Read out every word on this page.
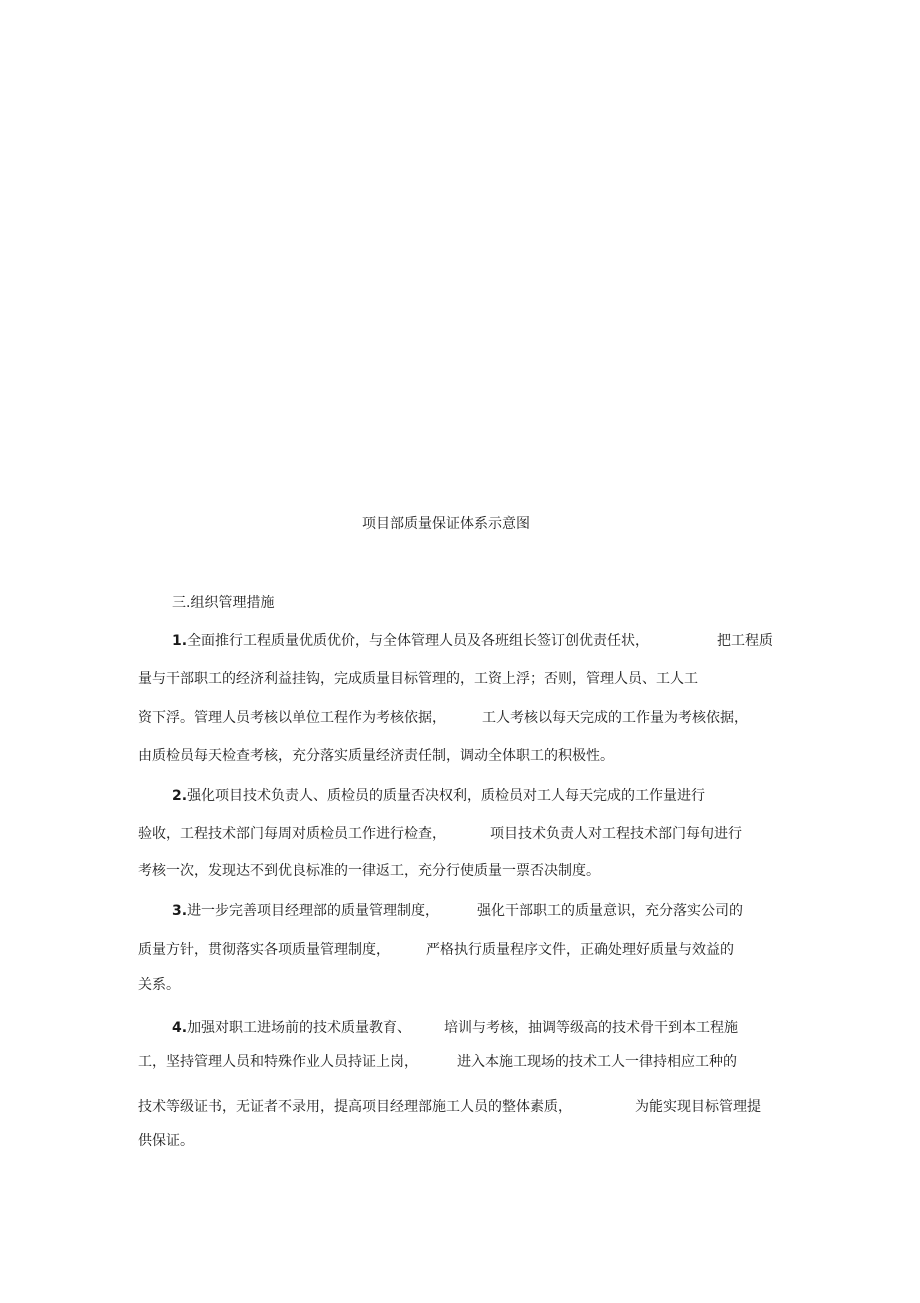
项目部质量保证体系示意图

三.组织管理措施

1.全面推行工程质量优质优价，与全体管理人员及各班组长签订创优责任状，	把工程质

量与干部职工的经济利益挂钩，完成质量目标管理的，工资上浮；否则，管理人员、工人工

资下浮。管理人员考核以单位工程作为考核依据，	工人考核以每天完成的工作量为考核依据，

由质检员每天检查考核，充分落实质量经济责任制，调动全体职工的积极性。

2.强化项目技术负责人、质检员的质量否决权利，质检员对工人每天完成的工作量进行

验收，工程技术部门每周对质检员工作进行检查，	项目技术负责人对工程技术部门每旬进行

考核一次，发现达不到优良标准的一律返工，充分行使质量一票否决制度。

3.进一步完善项目经理部的质量管理制度，	强化干部职工的质量意识，充分落实公司的

质量方针，贯彻落实各项质量管理制度，	严格执行质量程序文件，正确处理好质量与效益的

关系。

4.加强对职工进场前的技术质量教育、 培训与考核，抽调等级高的技术骨干到本工程施

工，坚持管理人员和特殊作业人员持证上岗，	进入本施工现场的技术工人一律持相应工种的

技术等级证书，无证者不录用，提高项目经理部施工人员的整体素质，	为能实现目标管理提

供保证。
